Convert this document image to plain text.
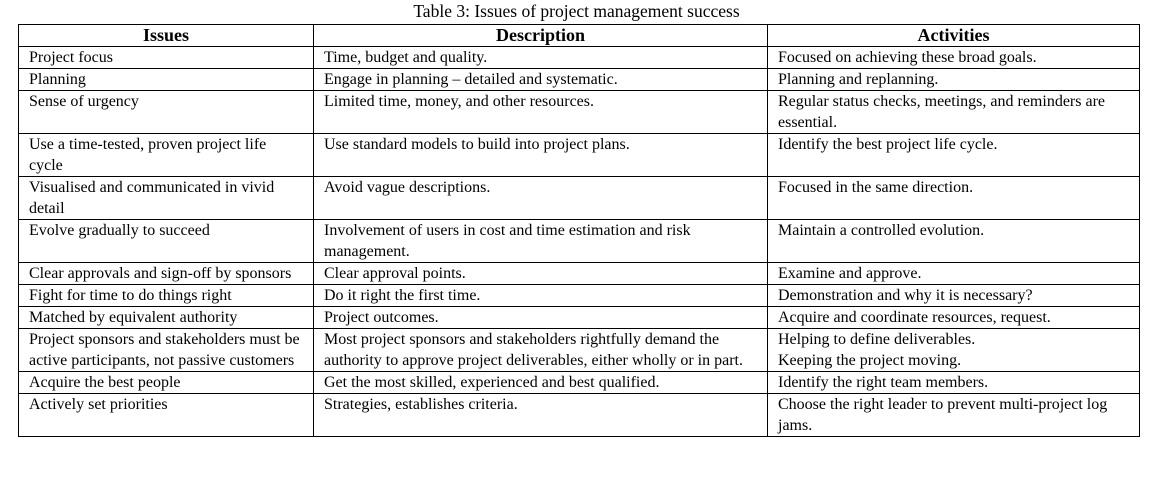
Table 3: Issues of project management success
Issues	Description	Activities
Project focus	Time, budget and quality.	Focused on achieving these broad goals.
Planning	Engage in planning – detailed and systematic.	Planning and replanning.
Sense of urgency	Limited time, money, and other resources.	Regular status checks, meetings, and reminders are essential.
Use a time-tested, proven project life cycle	Use standard models to build into project plans.	Identify the best project life cycle.
Visualised and communicated in vivid detail	Avoid vague descriptions.	Focused in the same direction.
Evolve gradually to succeed	Involvement of users in cost and time estimation and risk management.	Maintain a controlled evolution.
Clear approvals and sign-off by sponsors	Clear approval points.	Examine and approve.
Fight for time to do things right	Do it right the first time.	Demonstration and why it is necessary?
Matched by equivalent authority	Project outcomes.	Acquire and coordinate resources, request.
Project sponsors and stakeholders must be active participants, not passive customers	Most project sponsors and stakeholders rightfully demand the authority to approve project deliverables, either wholly or in part.	Helping to define deliverables.
Keeping the project moving.
Acquire the best people	Get the most skilled, experienced and best qualified.	Identify the right team members.
Actively set priorities	Strategies, establishes criteria.	Choose the right leader to prevent multi-project log jams.
